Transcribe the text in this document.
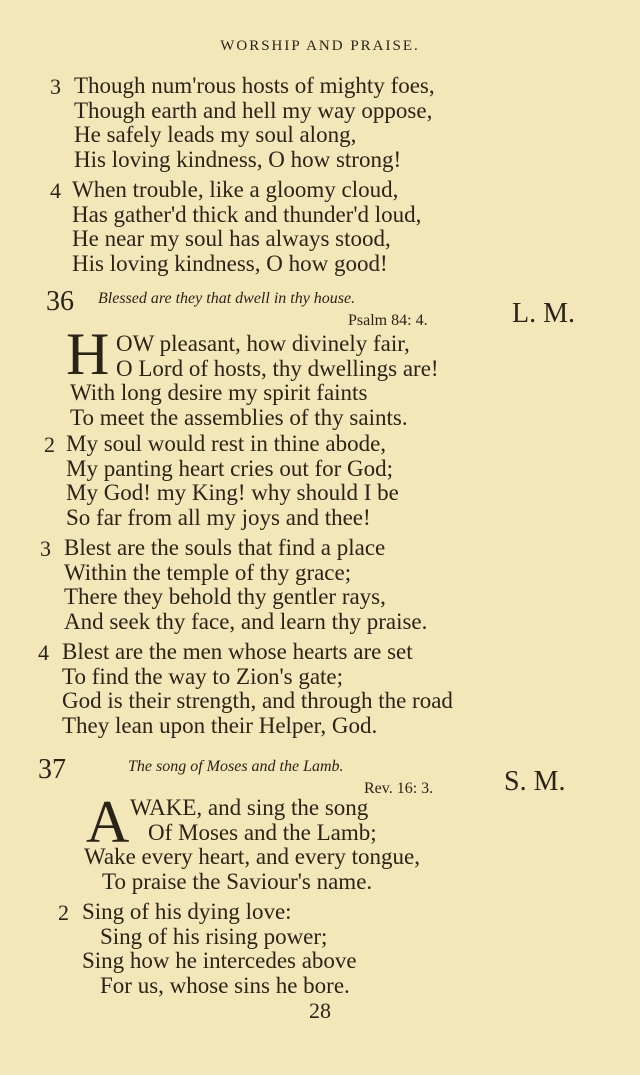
WORSHIP AND PRAISE.
3 Though num'rous hosts of mighty foes,
Though earth and hell my way oppose,
He safely leads my soul along,
His loving kindness, O how strong!
4 When trouble, like a gloomy cloud,
Has gather'd thick and thunder'd loud,
He near my soul has always stood,
His loving kindness, O how good!
36 Blessed are they that dwell in thy house.
Psalm 84: 4.	L. M.
H OW pleasant, how divinely fair,
O Lord of hosts, thy dwellings are!
With long desire my spirit faints
To meet the assemblies of thy saints.
2 My soul would rest in thine abode,
My panting heart cries out for God;
My God! my King! why should I be
So far from all my joys and thee!
3 Blest are the souls that find a place
Within the temple of thy grace;
There they behold thy gentler rays,
And seek thy face, and learn thy praise.
4 Blest are the men whose hearts are set
To find the way to Zion's gate;
God is their strength, and through the road
They lean upon their Helper, God.
37	The song of Moses and the Lamb.
Rev. 16: 3.	S. M.
A WAKE, and sing the song
Of Moses and the Lamb;
Wake every heart, and every tongue,
To praise the Saviour's name.
2 Sing of his dying love:
Sing of his rising power;
Sing how he intercedes above
For us, whose sins he bore.
28
